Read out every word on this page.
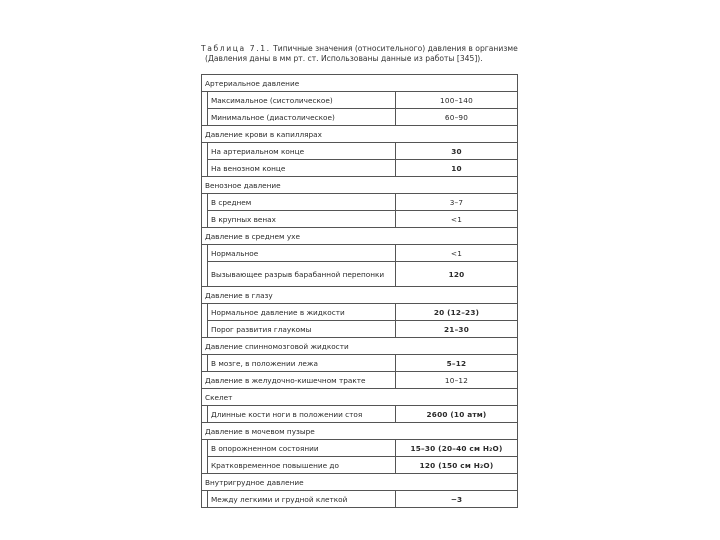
Таблица 7.1. Типичные значения (относительного) давления в организме
(Давления даны в мм рт. ст. Использованы данные из работы [345]).
Артериальное давление		
	Максимальное (систолическое)	100–140
	Минимальное (диастолическое)	60–90
Давление крови в капиллярах		
	На артериальном конце	30
	На венозном конце	10
Венозное давление		
	В среднем	3–7
	В крупных венах	<1
Давление в среднем ухе		
	Нормальное	<1
	Вызывающее разрыв барабанной перепонки	120
Давление в глазу		
	Нормальное давление в жидкости	20 (12–23)
	Порог развития глаукомы	21–30
Давление спинномозговой жидкости		
	В мозге, в положении лежа	5–12
Давление в желудочно-кишечном тракте		10–12
Скелет		
	Длинные кости ноги в положении стоя	2600 (10 атм)
Давление в мочевом пузыре		
	В опорожненном состоянии	15–30 (20–40 см H₂O)
	Кратковременное повышение до	120 (150 см H₂O)
Внутригрудное давление		
	Между легкими и грудной клеткой	−3
